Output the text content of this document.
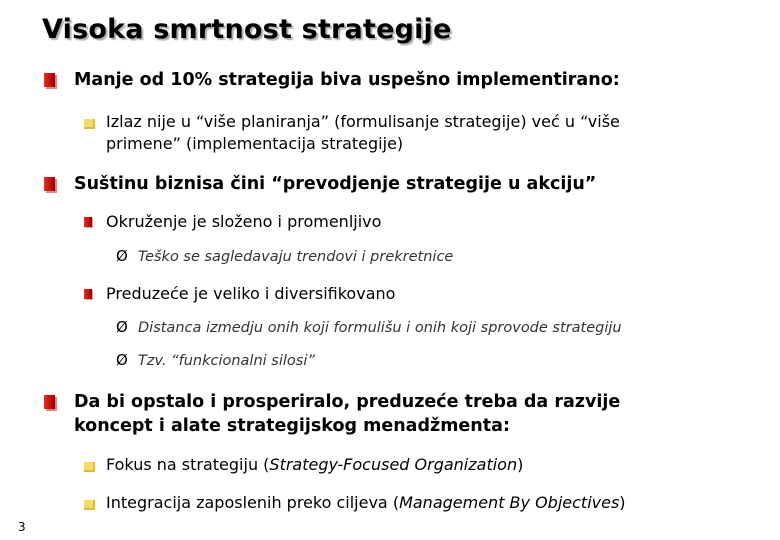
Visoka smrtnost strategije
Manje od 10% strategija biva uspešno implementirano:
Izlaz nije u “više planiranja” (formulisanje strategije) već u “više
primene” (implementacija strategije)
Suštinu biznisa čini “prevodjenje strategije u akciju”
Okruženje je složeno i promenljivo
Ø Teško se sagledavaju trendovi i prekretnice
Preduzeće je veliko i diversifikovano
Ø Distanca izmedju onih koji formulišu i onih koji sprovode strategiju
Ø Tzv. “funkcionalni silosi”
Da bi opstalo i prosperiralo, preduzeće treba da razvije
koncept i alate strategijskog menadžmenta:
Fokus na strategiju (Strategy-Focused Organization)
Integracija zaposlenih preko ciljeva (Management By Objectives)
3
